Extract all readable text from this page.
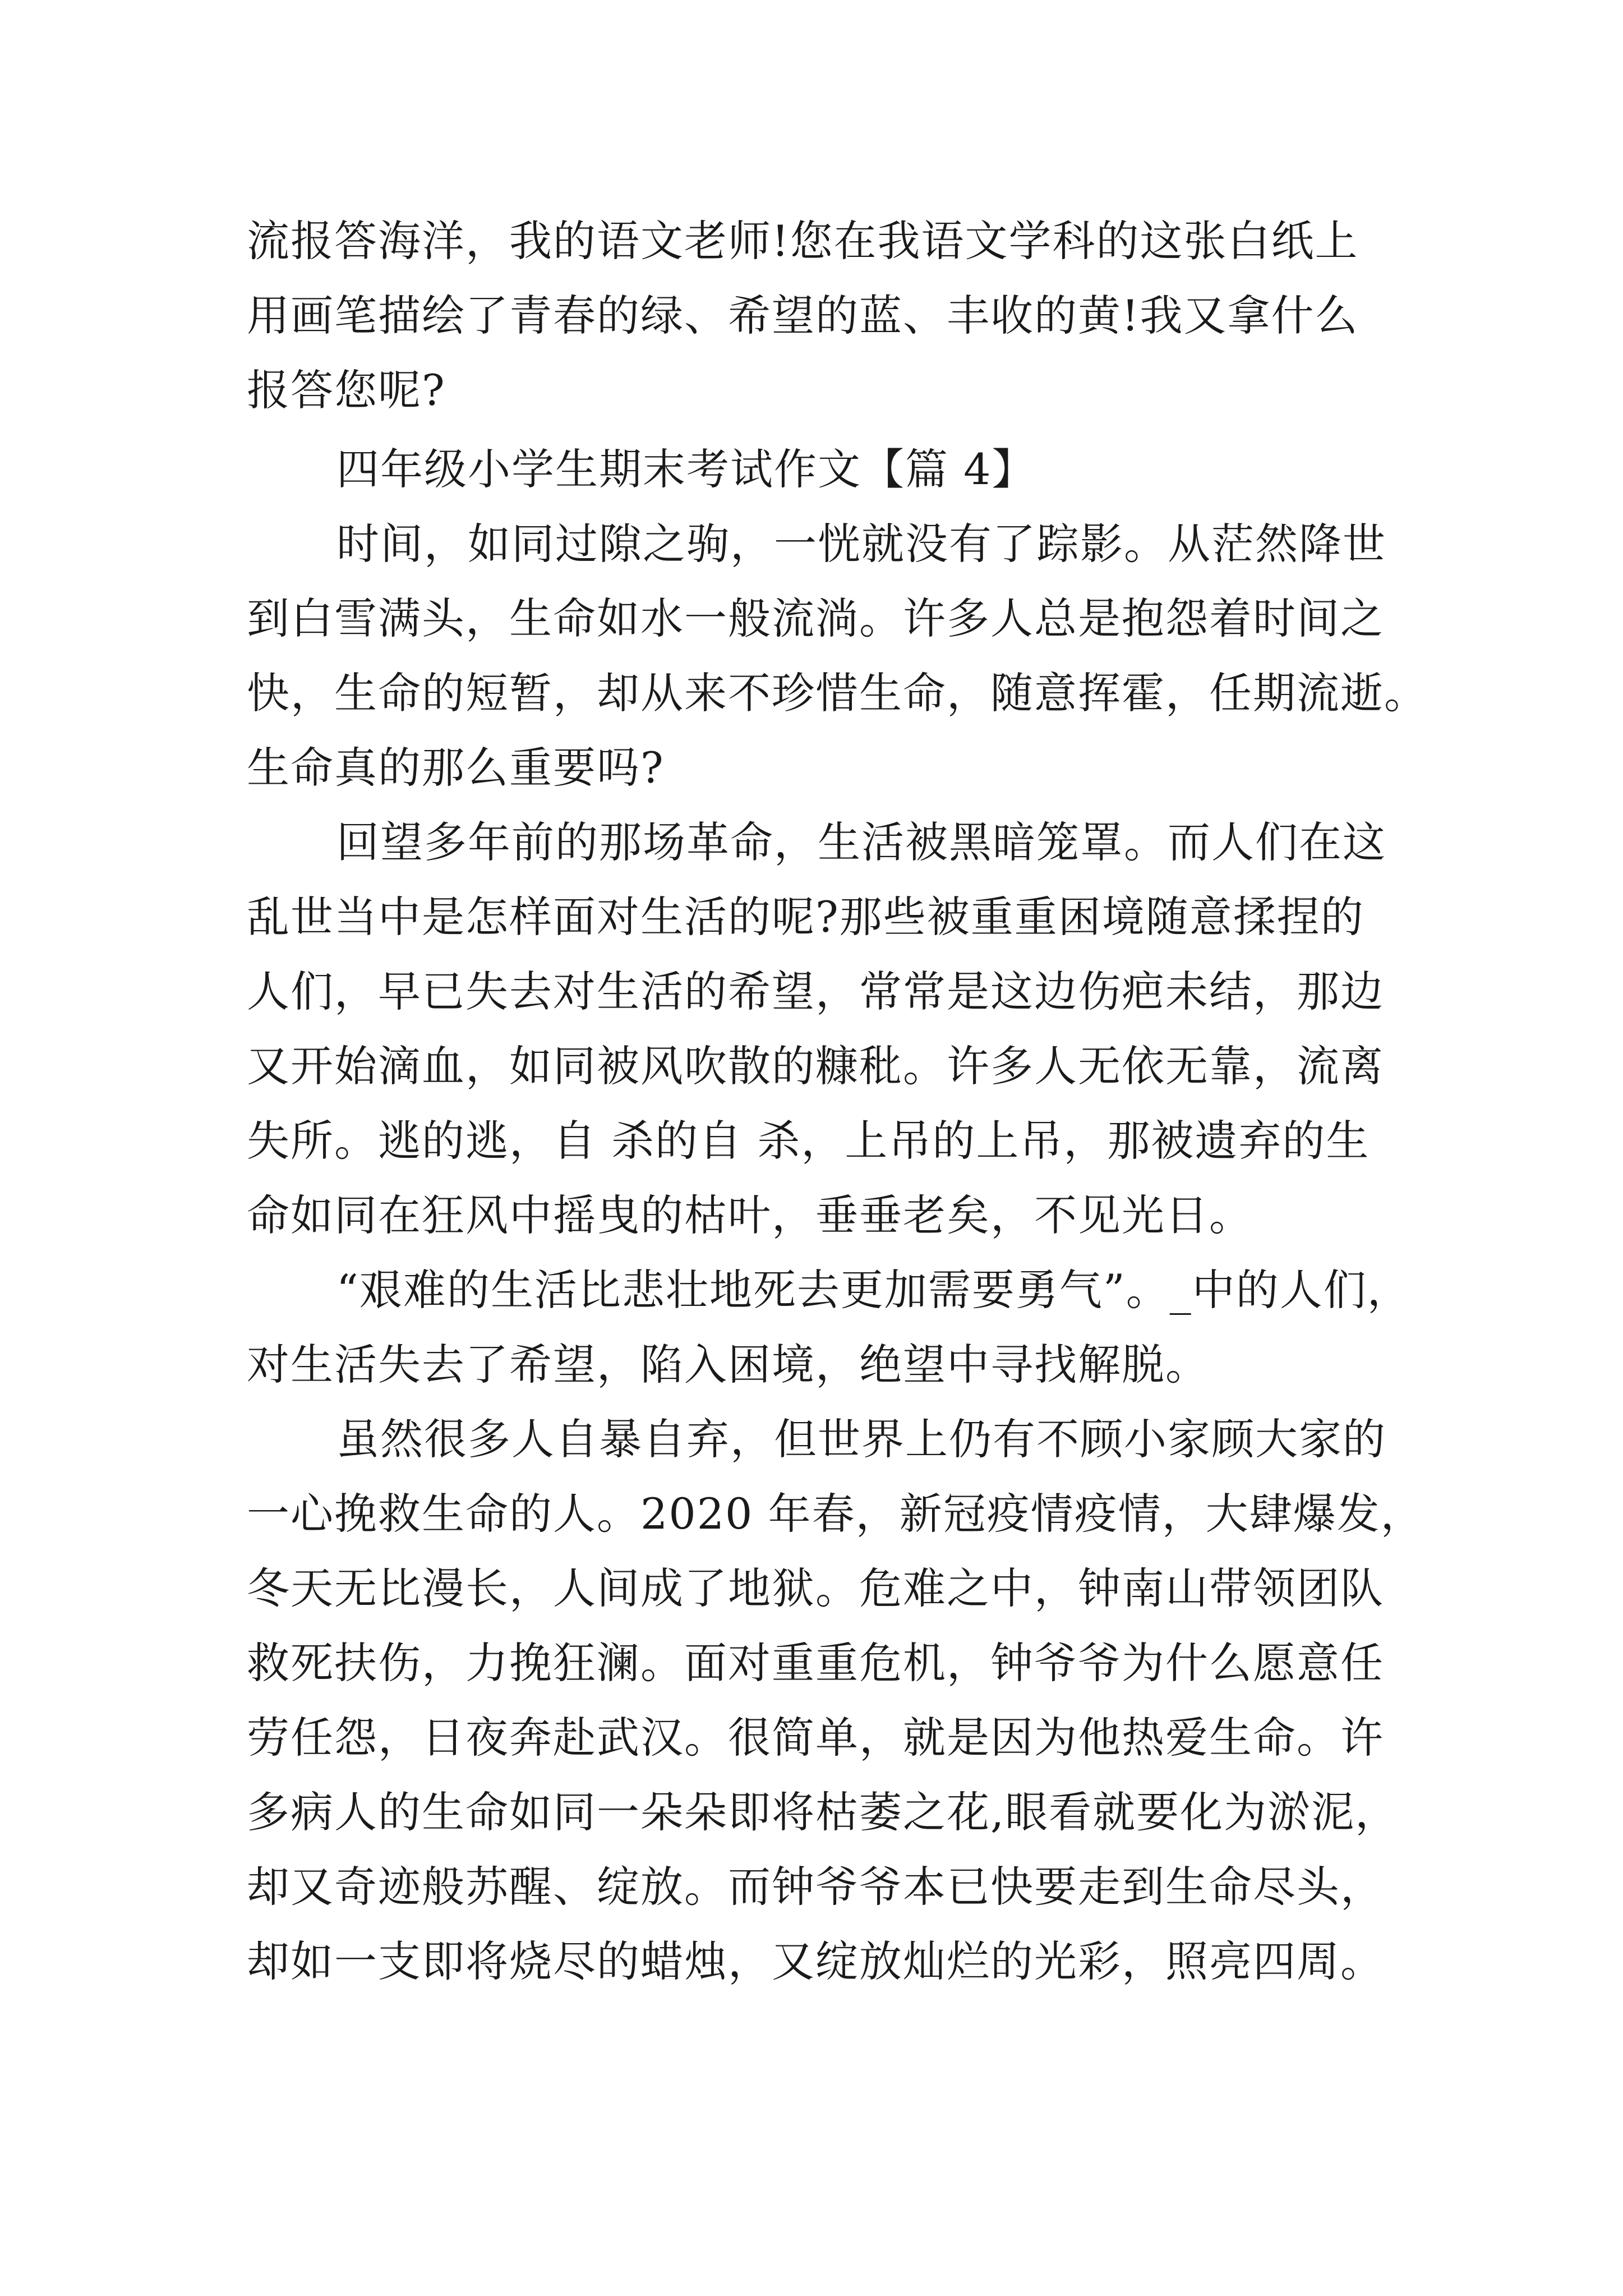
流报答海洋，我的语文老师!您在我语文学科的这张白纸上
用画笔描绘了青春的绿、希望的蓝、丰收的黄!我又拿什么
报答您呢?
四年级小学生期末考试作文【篇 4】
时间，如同过隙之驹，一恍就没有了踪影。从茫然降世
到白雪满头，生命如水一般流淌。许多人总是抱怨着时间之
快，生命的短暂，却从来不珍惜生命，随意挥霍，任期流逝。
生命真的那么重要吗?
回望多年前的那场革命，生活被黑暗笼罩。而人们在这
乱世当中是怎样面对生活的呢?那些被重重困境随意揉捏的
人们，早已失去对生活的希望，常常是这边伤疤未结，那边
又开始滴血，如同被风吹散的糠秕。许多人无依无靠，流离
失所。逃的逃，自 杀的自 杀，上吊的上吊，那被遗弃的生
命如同在狂风中摇曳的枯叶，垂垂老矣，不见光日。
“艰难的生活比悲壮地死去更加需要勇气”。_中的人们，
对生活失去了希望，陷入困境，绝望中寻找解脱。
虽然很多人自暴自弃，但世界上仍有不顾小家顾大家的
一心挽救生命的人。2020 年春，新冠疫情疫情，大肆爆发，
冬天无比漫长，人间成了地狱。危难之中，钟南山带领团队
救死扶伤，力挽狂澜。面对重重危机，钟爷爷为什么愿意任
劳任怨，日夜奔赴武汉。很简单，就是因为他热爱生命。许
多病人的生命如同一朵朵即将枯萎之花,眼看就要化为淤泥，
却又奇迹般苏醒、绽放。而钟爷爷本已快要走到生命尽头，
却如一支即将烧尽的蜡烛，又绽放灿烂的光彩，照亮四周。
